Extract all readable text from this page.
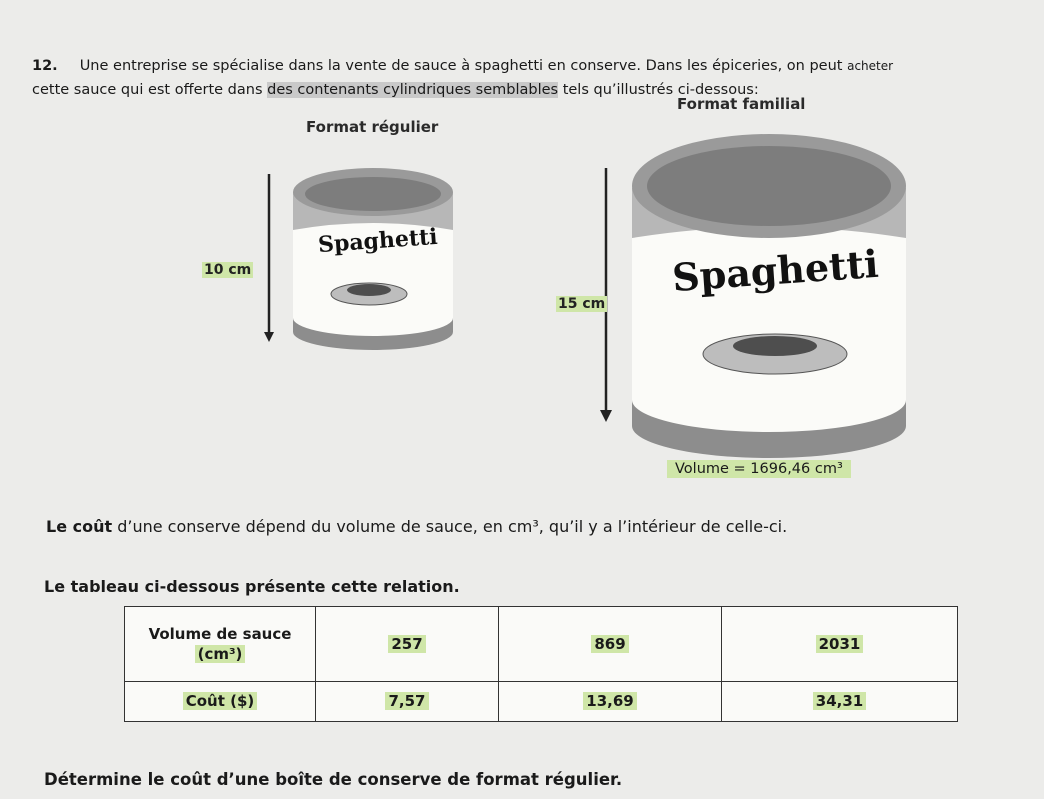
12. Une entreprise se spécialise dans la vente de sauce à spaghetti en conserve. Dans les épiceries, on peut acheter
cette sauce qui est offerte dans des contenants cylindriques semblables tels qu’illustrés ci-dessous:
Format régulier
Format familial
Spaghetti
10 cm	Spaghetti
15 cm
Volume = 1696,46 cm³
Le coût d’une conserve dépend du volume de sauce, en cm³, qu’il y a l’intérieur de celle-ci.
Le tableau ci-dessous présente cette relation.
Volume de sauce
(cm³)	257	869	2031
Coût ($)	7,57	13,69	34,31
Détermine le coût d’une boîte de conserve de format régulier.
